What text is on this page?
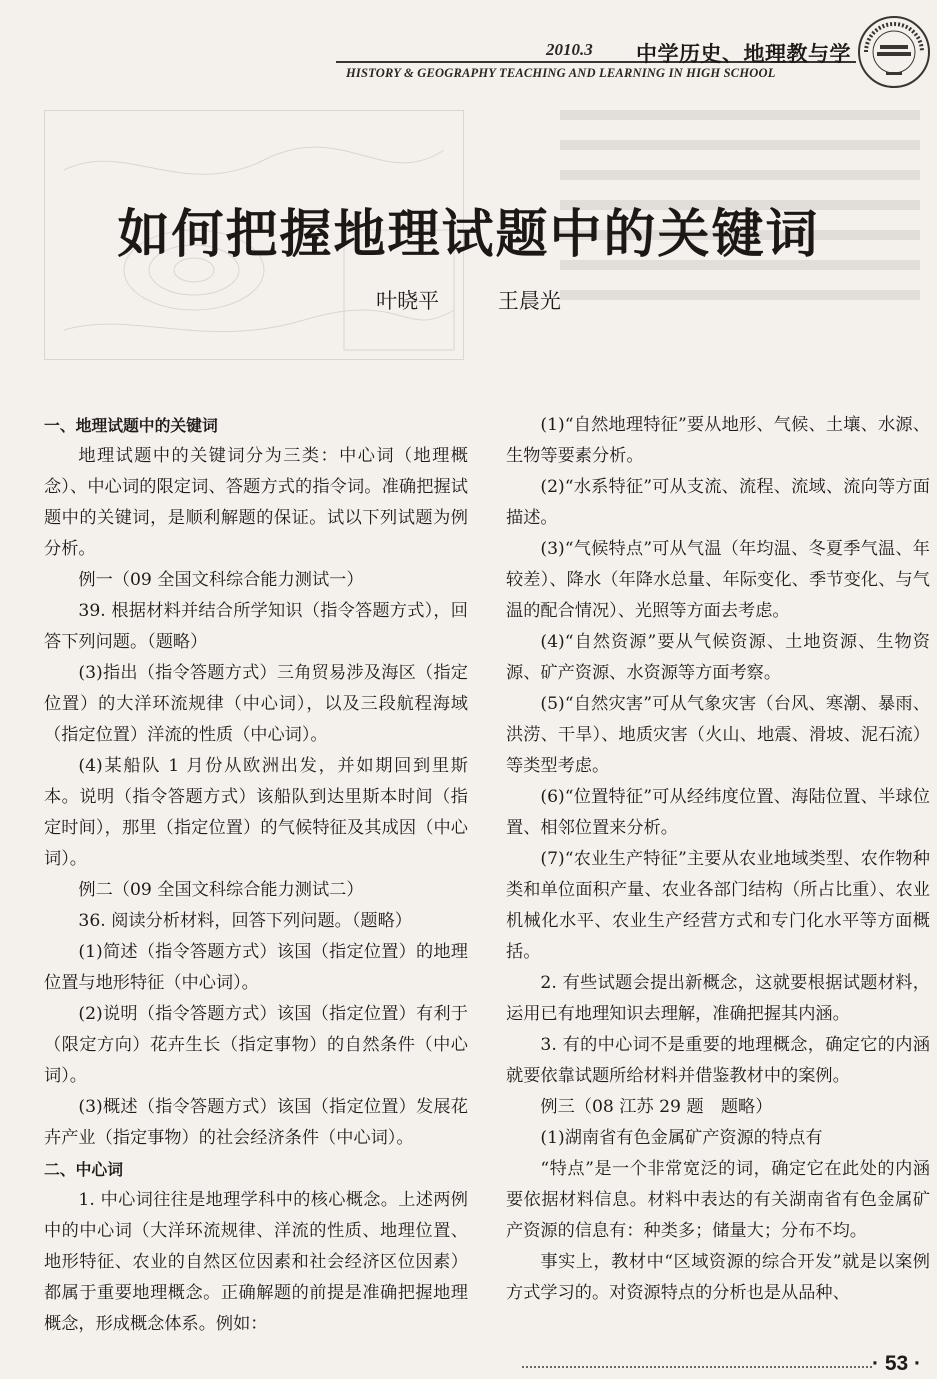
2010.3 中学历史、地理教与学
HISTORY & GEOGRAPHY TEACHING AND LEARNING IN HIGH SCHOOL
如何把握地理试题中的关键词
叶晓平	王晨光

一、地理试题中的关键词

地理试题中的关键词分为三类：中心词（地理概念）、中心词的限定词、答题方式的指令词。准确把握试题中的关键词，是顺利解题的保证。试以下列试题为例分析。

例一（09 全国文科综合能力测试一）

39. 根据材料并结合所学知识（指令答题方式），回答下列问题。（题略）

(3)指出（指令答题方式）三角贸易涉及海区（指定位置）的大洋环流规律（中心词），以及三段航程海域（指定位置）洋流的性质（中心词）。

(4)某船队 1 月份从欧洲出发，并如期回到里斯本。说明（指令答题方式）该船队到达里斯本时间（指定时间），那里（指定位置）的气候特征及其成因（中心词）。

例二（09 全国文科综合能力测试二）

36. 阅读分析材料，回答下列问题。（题略）

(1)简述（指令答题方式）该国（指定位置）的地理位置与地形特征（中心词）。

(2)说明（指令答题方式）该国（指定位置）有利于（限定方向）花卉生长（指定事物）的自然条件（中心词）。

(3)概述（指令答题方式）该国（指定位置）发展花卉产业（指定事物）的社会经济条件（中心词）。

二、中心词

1. 中心词往往是地理学科中的核心概念。上述两例中的中心词（大洋环流规律、洋流的性质、地理位置、地形特征、农业的自然区位因素和社会经济区位因素）都属于重要地理概念。正确解题的前提是准确把握地理概念，形成概念体系。例如：

(1)“自然地理特征”要从地形、气候、土壤、水源、生物等要素分析。

(2)“水系特征”可从支流、流程、流域、流向等方面描述。

(3)“气候特点”可从气温（年均温、冬夏季气温、年较差）、降水（年降水总量、年际变化、季节变化、与气温的配合情况）、光照等方面去考虑。

(4)“自然资源”要从气候资源、土地资源、生物资源、矿产资源、水资源等方面考察。

(5)“自然灾害”可从气象灾害（台风、寒潮、暴雨、洪涝、干旱）、地质灾害（火山、地震、滑坡、泥石流）等类型考虑。

(6)“位置特征”可从经纬度位置、海陆位置、半球位置、相邻位置来分析。

(7)“农业生产特征”主要从农业地域类型、农作物种类和单位面积产量、农业各部门结构（所占比重）、农业机械化水平、农业生产经营方式和专门化水平等方面概括。

2. 有些试题会提出新概念，这就要根据试题材料，运用已有地理知识去理解，准确把握其内涵。

3. 有的中心词不是重要的地理概念，确定它的内涵就要依靠试题所给材料并借鉴教材中的案例。

例三（08 江苏 29 题　题略）

(1)湖南省有色金属矿产资源的特点有

“特点”是一个非常宽泛的词，确定它在此处的内涵要依据材料信息。材料中表达的有关湖南省有色金属矿产资源的信息有：种类多；储量大；分布不均。

事实上，教材中“区域资源的综合开发”就是以案例方式学习的。对资源特点的分析也是从品种、

· 53 ·
